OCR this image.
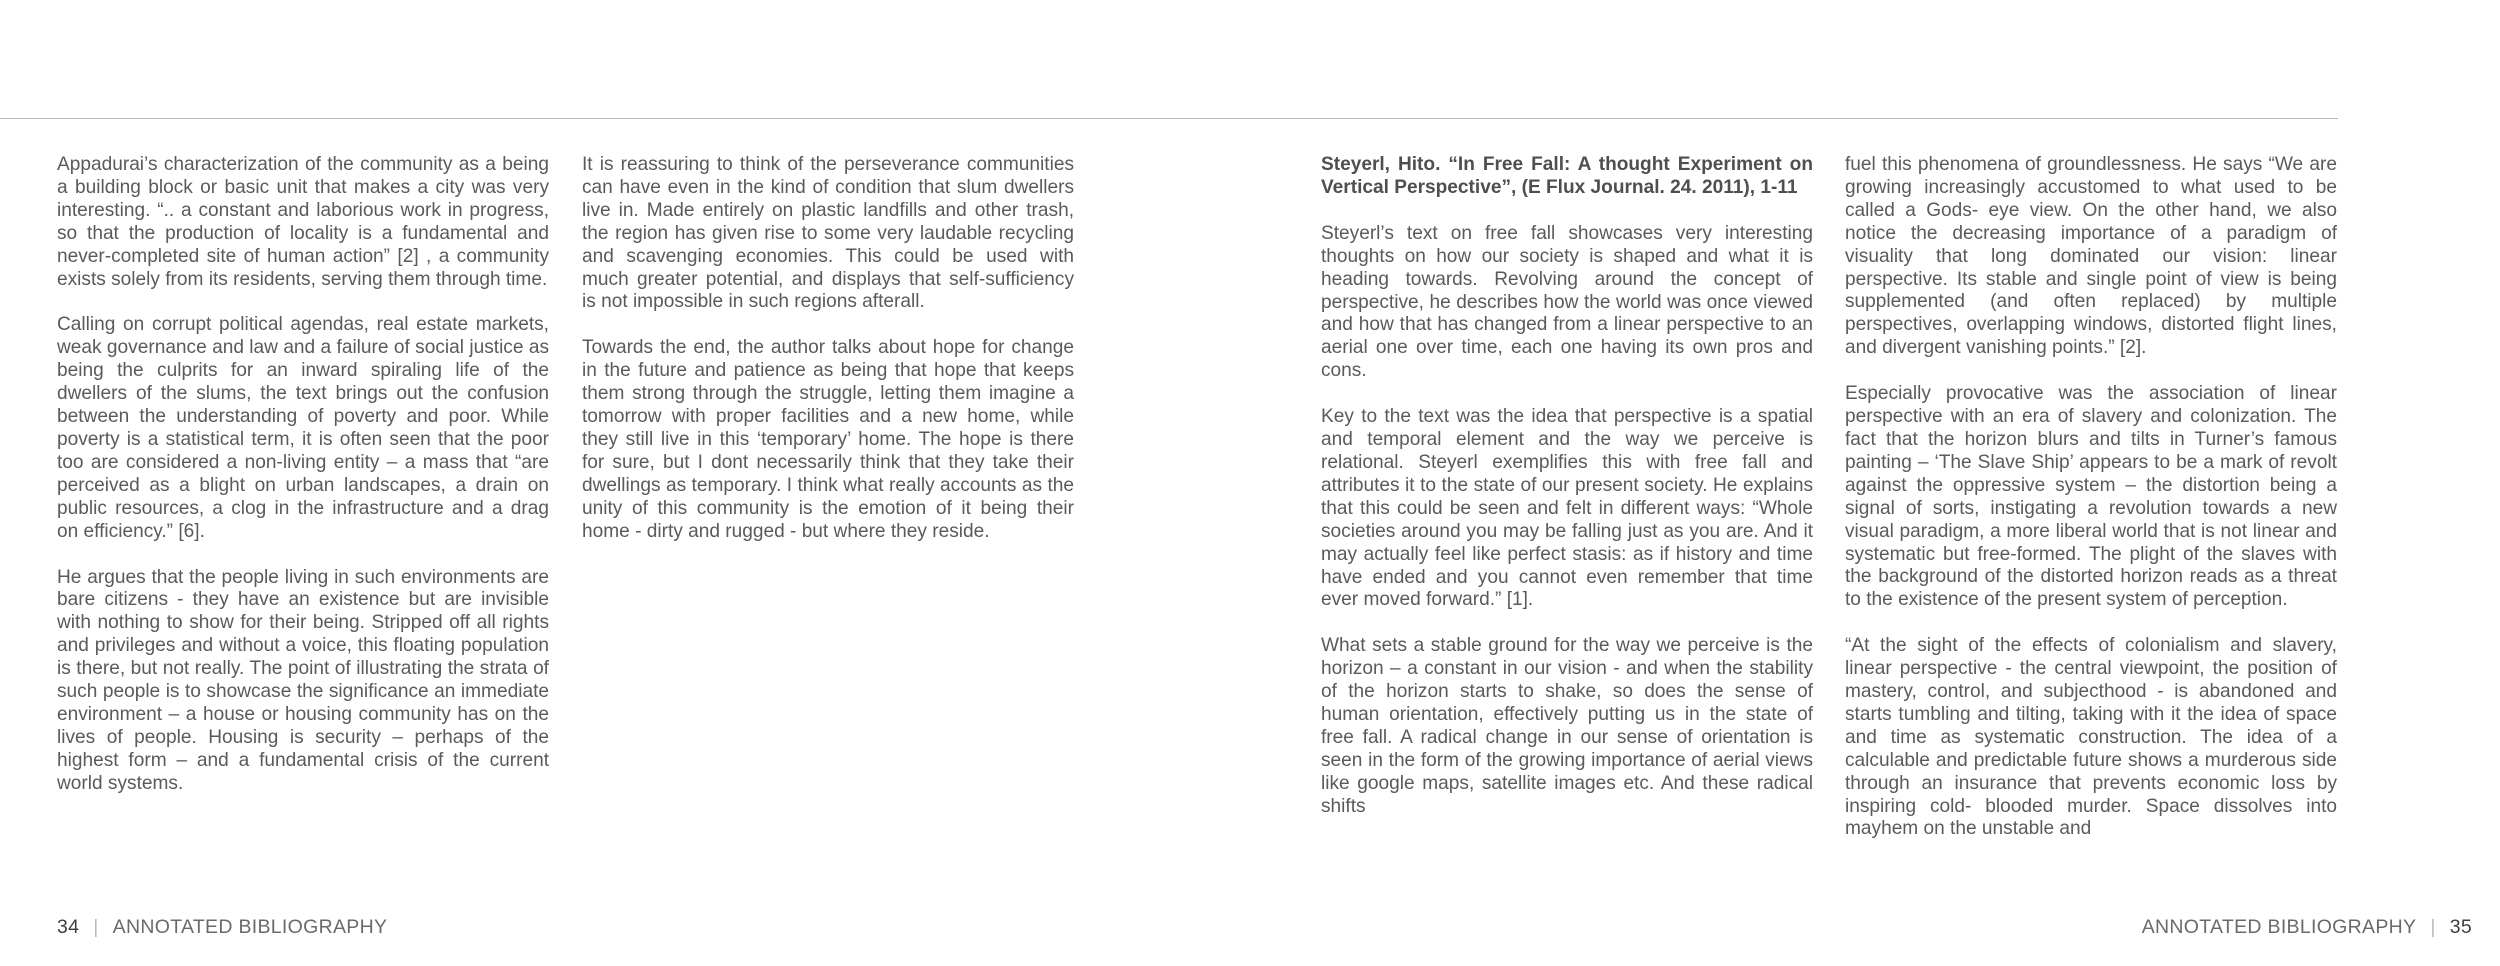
Appadurai’s characterization of the community as a being a building block or basic unit that makes a city was very interesting. “.. a constant and laborious work in progress, so that the production of locality is a fundamental and never-completed site of human action” [2] , a community exists solely from its residents, serving them through time.

Calling on corrupt political agendas, real estate markets, weak governance and law and a failure of social justice as being the culprits for an inward spiraling life of the dwellers of the slums, the text brings out the confusion between the understanding of poverty and poor. While poverty is a statistical term, it is often seen that the poor too are considered a non-living entity – a mass that “are perceived as a blight on urban landscapes, a drain on public resources, a clog in the infrastructure and a drag on efficiency.” [6].

He argues that the people living in such environments are bare citizens - they have an existence but are invisible with nothing to show for their being. Stripped off all rights and privileges and without a voice, this floating population is there, but not really. The point of illustrating the strata of such people is to showcase the significance an immediate environment – a house or housing community has on the lives of people. Housing is security – perhaps of the highest form – and a fundamental crisis of the current world systems.

It is reassuring to think of the perseverance communities can have even in the kind of condition that slum dwellers live in. Made entirely on plastic landfills and other trash, the region has given rise to some very laudable recycling and scavenging economies. This could be used with much greater potential, and displays that self-sufficiency is not impossible in such regions afterall.

Towards the end, the author talks about hope for change in the future and patience as being that hope that keeps them strong through the struggle, letting them imagine a tomorrow with proper facilities and a new home, while they still live in this ‘temporary’ home. The hope is there for sure, but I dont necessarily think that they take their dwellings as temporary. I think what really accounts as the unity of this community is the emotion of it being their home - dirty and rugged - but where they reside.

Steyerl, Hito. “In Free Fall: A thought Experiment on Vertical Perspective”, (E Flux Journal. 24. 2011), 1-11

Steyerl’s text on free fall showcases very interesting thoughts on how our society is shaped and what it is heading towards. Revolving around the concept of perspective, he describes how the world was once viewed and how that has changed from a linear perspective to an aerial one over time, each one having its own pros and cons.

Key to the text was the idea that perspective is a spatial and temporal element and the way we perceive is relational. Steyerl exemplifies this with free fall and attributes it to the state of our present society. He explains that this could be seen and felt in different ways: “Whole societies around you may be falling just as you are. And it may actually feel like perfect stasis: as if history and time have ended and you cannot even remember that time ever moved forward.” [1].

What sets a stable ground for the way we perceive is the horizon – a constant in our vision - and when the stability of the horizon starts to shake, so does the sense of human orientation, effectively putting us in the state of free fall. A radical change in our sense of orientation is seen in the form of the growing importance of aerial views like google maps, satellite images etc. And these radical shifts

fuel this phenomena of groundlessness. He says “We are growing increasingly accustomed to what used to be called a Gods- eye view. On the other hand, we also notice the decreasing importance of a paradigm of visuality that long dominated our vision: linear perspective. Its stable and single point of view is being supplemented (and often replaced) by multiple perspectives, overlapping windows, distorted flight lines, and divergent vanishing points.” [2].

Especially provocative was the association of linear perspective with an era of slavery and colonization. The fact that the horizon blurs and tilts in Turner’s famous painting – ‘The Slave Ship’ appears to be a mark of revolt against the oppressive system – the distortion being a signal of sorts, instigating a revolution towards a new visual paradigm, a more liberal world that is not linear and systematic but free-formed. The plight of the slaves with the background of the distorted horizon reads as a threat to the existence of the present system of perception.

“At the sight of the effects of colonialism and slavery, linear perspective - the central viewpoint, the position of mastery, control, and subjecthood - is abandoned and starts tumbling and tilting, taking with it the idea of space and time as systematic construction. The idea of a calculable and predictable future shows a murderous side through an insurance that prevents economic loss by inspiring cold- blooded murder. Space dissolves into mayhem on the unstable and

34 | ANNOTATED BIBLIOGRAPHY	ANNOTATED BIBLIOGRAPHY | 35
